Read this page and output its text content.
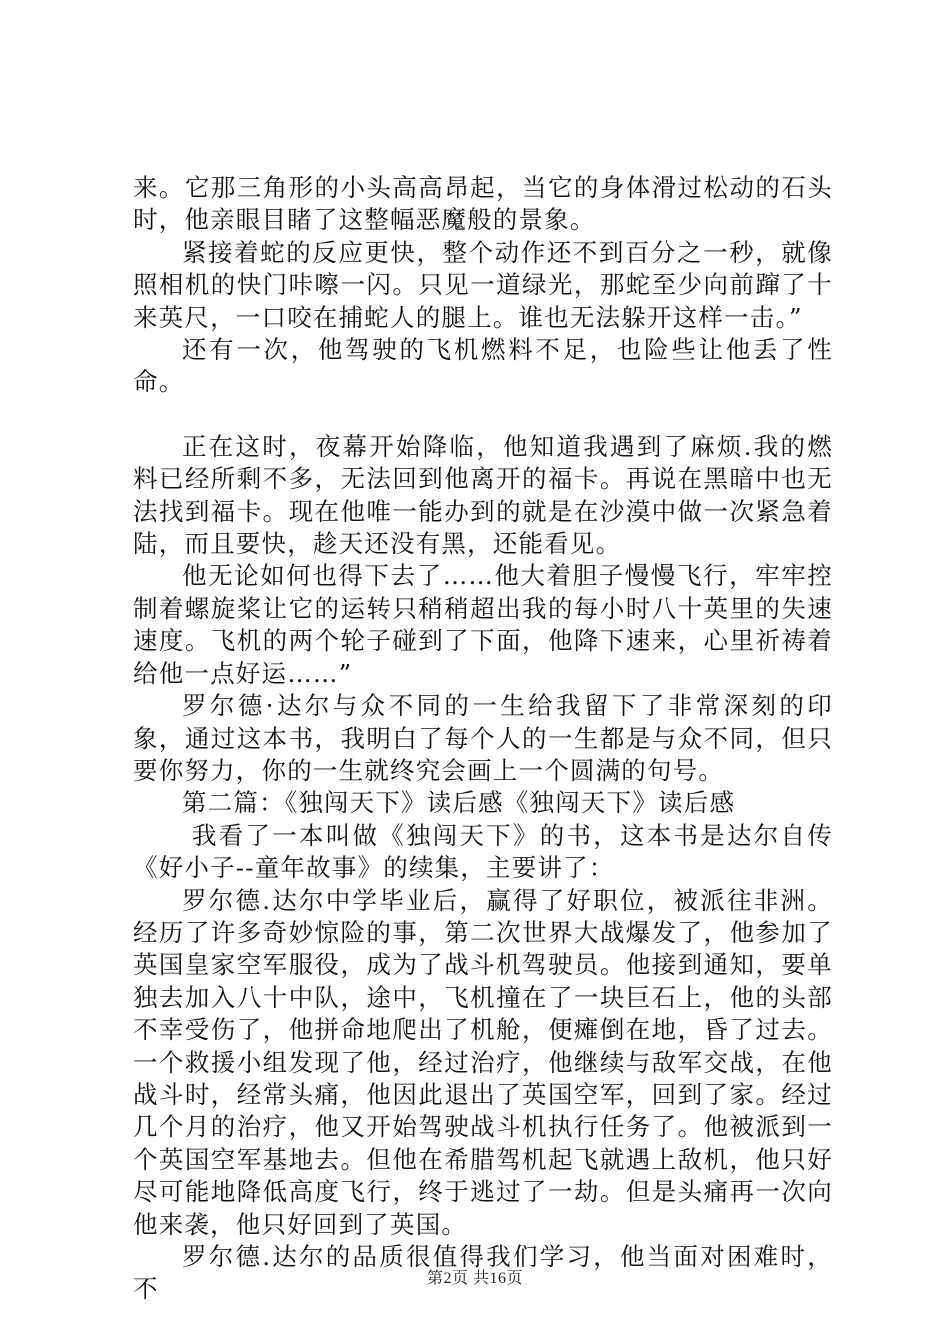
来。它那三角形的小头高高昂起，当它的身体滑过松动的石头时，他亲眼目睹了这整幅恶魔般的景象。

紧接着蛇的反应更快，整个动作还不到百分之一秒，就像照相机的快门咔嚓一闪。只见一道绿光，那蛇至少向前蹿了十来英尺，一口咬在捕蛇人的腿上。谁也无法躲开这样一击。”

还有一次，他驾驶的飞机燃料不足，也险些让他丢了性命。

正在这时，夜幕开始降临，他知道我遇到了麻烦.我的燃料已经所剩不多，无法回到他离开的福卡。再说在黑暗中也无法找到福卡。现在他唯一能办到的就是在沙漠中做一次紧急着陆，而且要快，趁天还没有黑，还能看见。

他无论如何也得下去了……他大着胆子慢慢飞行，牢牢控制着螺旋桨让它的运转只稍稍超出我的每小时八十英里的失速速度。飞机的两个轮子碰到了下面，他降下速来，心里祈祷着给他一点好运……”

罗尔德·达尔与众不同的一生给我留下了非常深刻的印象，通过这本书，我明白了每个人的一生都是与众不同，但只要你努力，你的一生就终究会画上一个圆满的句号。

第二篇：《独闯天下》读后感《独闯天下》读后感

我看了一本叫做《独闯天下》的书，这本书是达尔自传《好小子--童年故事》的续集，主要讲了：

罗尔德.达尔中学毕业后，赢得了好职位，被派往非洲。经历了许多奇妙惊险的事，第二次世界大战爆发了，他参加了英国皇家空军服役，成为了战斗机驾驶员。他接到通知，要单独去加入八十中队，途中，飞机撞在了一块巨石上，他的头部不幸受伤了，他拼命地爬出了机舱，便瘫倒在地，昏了过去。一个救援小组发现了他，经过治疗，他继续与敌军交战，在他战斗时，经常头痛，他因此退出了英国空军，回到了家。经过几个月的治疗，他又开始驾驶战斗机执行任务了。他被派到一个英国空军基地去。但他在希腊驾机起飞就遇上敌机，他只好尽可能地降低高度飞行，终于逃过了一劫。但是头痛再一次向他来袭，他只好回到了英国。

罗尔德.达尔的品质很值得我们学习，他当面对困难时，不	第2页 共16页
